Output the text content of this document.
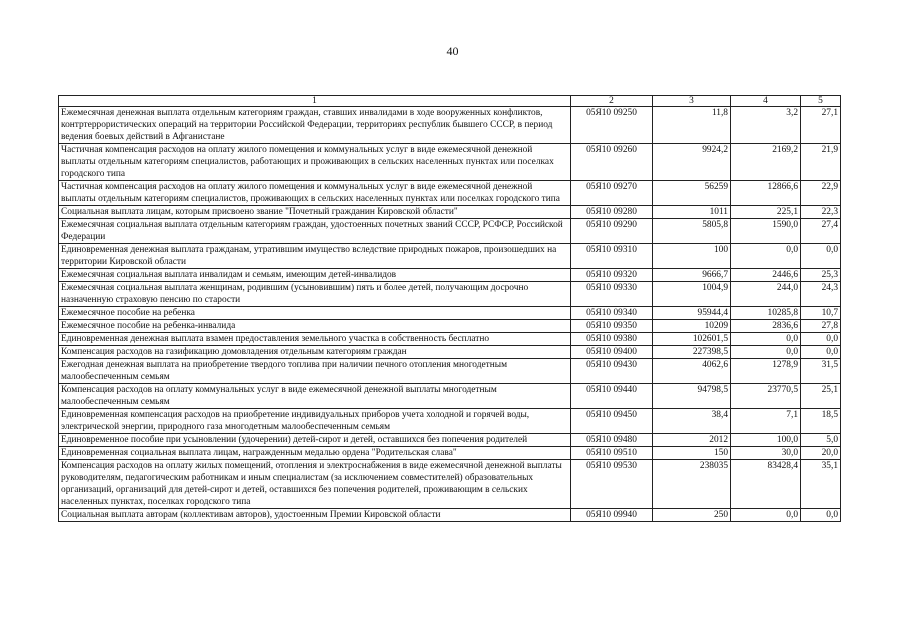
40
1	2	3	4	5
Ежемесячная денежная выплата отдельным категориям граждан, ставших инвалидами в ходе вооруженных конфликтов, контртеррористических операций на территории Российской Федерации, территориях республик бывшего СССР, в период ведения боевых действий в Афганистане	05Я10 09250	11,8	3,2	27,1
Частичная компенсация расходов на оплату жилого помещения и коммунальных услуг в виде ежемесячной денежной выплаты отдельным категориям специалистов, работающих и проживающих в сельских населенных пунктах или поселках городского типа	05Я10 09260	9924,2	2169,2	21,9
Частичная компенсация расходов на оплату жилого помещения и коммунальных услуг в виде ежемесячной денежной выплаты отдельным категориям специалистов, проживающих в сельских населенных пунктах или поселках городского типа	05Я10 09270	56259	12866,6	22,9
Социальная выплата лицам, которым присвоено звание "Почетный гражданин Кировской области"	05Я10 09280	1011	225,1	22,3
Ежемесячная социальная выплата отдельным категориям граждан, удостоенных почетных званий СССР, РСФСР, Российской Федерации	05Я10 09290	5805,8	1590,0	27,4
Единовременная денежная выплата гражданам, утратившим имущество вследствие природных пожаров, произошедших на территории Кировской области	05Я10 09310	100	0,0	0,0
Ежемесячная социальная выплата инвалидам и семьям, имеющим детей-инвалидов	05Я10 09320	9666,7	2446,6	25,3
Ежемесячная социальная выплата женщинам, родившим (усыновившим) пять и более детей, получающим досрочно назначенную страховую пенсию по старости	05Я10 09330	1004,9	244,0	24,3
Ежемесячное пособие на ребенка	05Я10 09340	95944,4	10285,8	10,7
Ежемесячное пособие на ребенка-инвалида	05Я10 09350	10209	2836,6	27,8
Единовременная денежная выплата взамен предоставления земельного участка в собственность бесплатно	05Я10 09380	102601,5	0,0	0,0
Компенсация расходов на газификацию домовладения отдельным категориям граждан	05Я10 09400	227398,5	0,0	0,0
Ежегодная денежная выплата на приобретение твердого топлива при наличии печного отопления многодетным малообеспеченным семьям	05Я10 09430	4062,6	1278,9	31,5
Компенсация расходов на оплату коммунальных услуг в виде ежемесячной денежной выплаты многодетным малообеспеченным семьям	05Я10 09440	94798,5	23770,5	25,1
Единовременная компенсация расходов на приобретение индивидуальных приборов учета холодной и горячей воды, электрической энергии, природного газа многодетным малообеспеченным семьям	05Я10 09450	38,4	7,1	18,5
Единовременное пособие при усыновлении (удочерении) детей-сирот и детей, оставшихся без попечения родителей	05Я10 09480	2012	100,0	5,0
Единовременная социальная выплата лицам, награжденным медалью ордена "Родительская слава"	05Я10 09510	150	30,0	20,0
Компенсация расходов на оплату жилых помещений, отопления и электроснабжения в виде ежемесячной денежной выплаты руководителям, педагогическим работникам и иным специалистам (за исключением совместителей) образовательных организаций, организаций для детей-сирот и детей, оставшихся без попечения родителей, проживающим в сельских населенных пунктах, поселках городского типа	05Я10 09530	238035	83428,4	35,1
Социальная выплата авторам (коллективам авторов), удостоенным Премии Кировской области	05Я10 09940	250	0,0	0,0
